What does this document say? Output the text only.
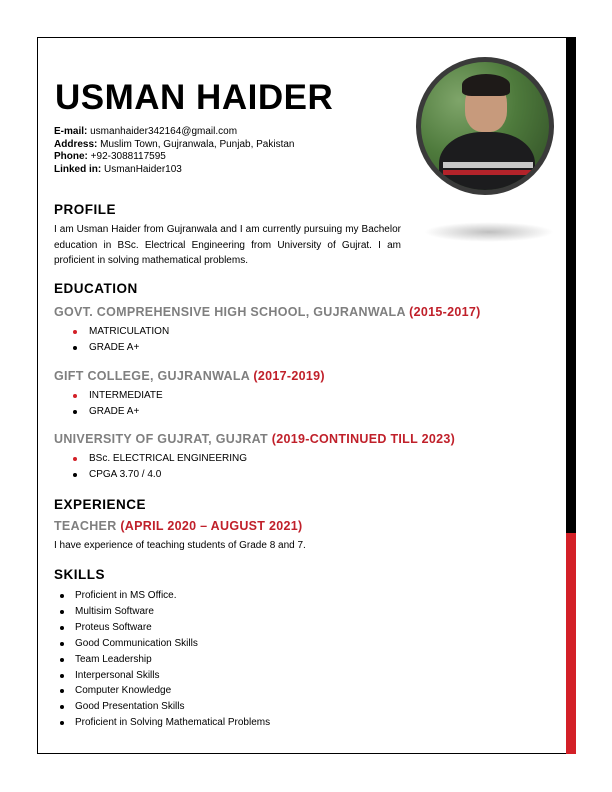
USMAN HAIDER
E-mail: usmanhaider342164@gmail.com
Address: Muslim Town, Gujranwala, Punjab, Pakistan
Phone: +92-3088117595
Linked in: UsmanHaider103
PROFILE
I am Usman Haider from Gujranwala and I am currently pursuing my Bachelor education in BSc. Electrical Engineering from University of Gujrat. I am proficient in solving mathematical problems.
EDUCATION
GOVT. COMPREHENSIVE HIGH SCHOOL, GUJRANWALA (2015-2017)
MATRICULATION
GRADE A+
GIFT COLLEGE, GUJRANWALA (2017-2019)
INTERMEDIATE
GRADE A+
UNIVERSITY OF GUJRAT, GUJRAT (2019-CONTINUED TILL 2023)
BSc. ELECTRICAL ENGINEERING
CPGA 3.70 / 4.0
EXPERIENCE
TEACHER (APRIL 2020 – AUGUST 2021)
I have experience of teaching students of Grade 8 and 7.
SKILLS
Proficient in MS Office.
Multisim Software
Proteus Software
Good Communication Skills
Team Leadership
Interpersonal Skills
Computer Knowledge
Good Presentation Skills
Proficient in Solving Mathematical Problems
